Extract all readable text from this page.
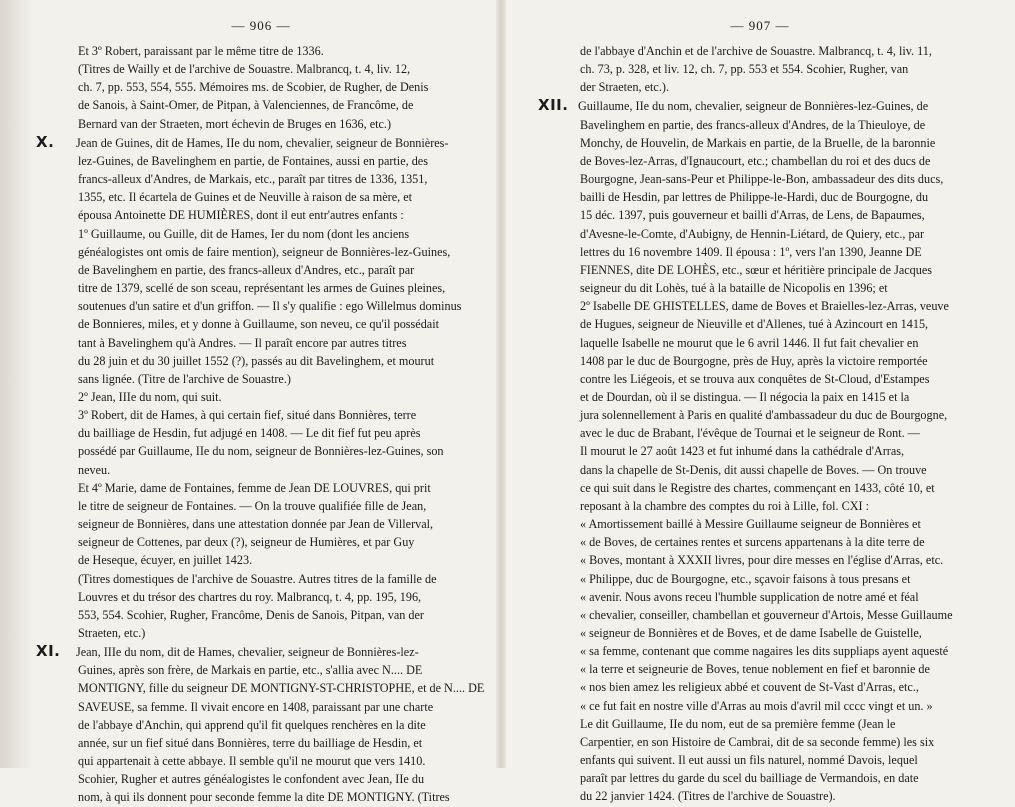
— 906 —
Et 3º Robert, paraissant par le même titre de 1336.
(Titres de Wailly et de l'archive de Souastre. Malbrancq, t. 4, liv. 12,
ch. 7, pp. 553, 554, 555. Mémoires ms. de Scobier, de Rugher, de Denis
de Sanois, à Saint-Omer, de Pitpan, à Valenciennes, de Francôme, de
Bernard van der Straeten, mort échevin de Bruges en 1636, etc.)
X. Jean de Guines, dit de Hames, IIe du nom, chevalier, seigneur de Bonnières-
lez-Guines, de Bavelinghem en partie, de Fontaines, aussi en partie, des
francs-alleux d'Andres, de Markais, etc., paraît par titres de 1336, 1351,
1355, etc. Il écartela de Guines et de Neuville à raison de sa mère, et
épousa Antoinette DE HUMIÈRES, dont il eut entr'autres enfants :
1º Guillaume, ou Guille, dit de Hames, Ier du nom (dont les anciens
généalogistes ont omis de faire mention), seigneur de Bonnières-lez-Guines,
de Bavelinghem en partie, des francs-alleux d'Andres, etc., paraît par
titre de 1379, scellé de son sceau, représentant les armes de Guines pleines,
soutenues d'un satire et d'un griffon. — Il s'y qualifie : ego Willelmus dominus
de Bonnieres, miles, et y donne à Guillaume, son neveu, ce qu'il possédait
tant à Bavelinghem qu'à Andres. — Il paraît encore par autres titres
du 28 juin et du 30 juillet 1552 (?), passés au dit Bavelinghem, et mourut
sans lignée. (Titre de l'archive de Souastre.)
2º Jean, IIIe du nom, qui suit.
3º Robert, dit de Hames, à qui certain fief, situé dans Bonnières, terre
du bailliage de Hesdin, fut adjugé en 1408. — Le dit fief fut peu après
possédé par Guillaume, IIe du nom, seigneur de Bonnières-lez-Guines, son
neveu.
Et 4º Marie, dame de Fontaines, femme de Jean DE LOUVRES, qui prit
le titre de seigneur de Fontaines. — On la trouve qualifiée fille de Jean,
seigneur de Bonnières, dans une attestation donnée par Jean de Villerval,
seigneur de Cottenes, par deux (?), seigneur de Humières, et par Guy
de Heseque, écuyer, en juillet 1423.
(Titres domestiques de l'archive de Souastre. Autres titres de la famille de
Louvres et du trésor des chartres du roy. Malbrancq, t. 4, pp. 195, 196,
553, 554. Scohier, Rugher, Francôme, Denis de Sanois, Pitpan, van der
Straeten, etc.)
XI. Jean, IIIe du nom, dit de Hames, chevalier, seigneur de Bonnières-lez-
Guines, après son frère, de Markais en partie, etc., s'allia avec N.... DE
MONTIGNY, fille du seigneur DE MONTIGNY-ST-CHRISTOPHE, et de N.... DE
SAVEUSE, sa femme. Il vivait encore en 1408, paraissant par une charte
de l'abbaye d'Anchin, qui apprend qu'il fit quelques renchères en la dite
année, sur un fief situé dans Bonnières, terre du bailliage de Hesdin, et
qui appartenait à cette abbaye. Il semble qu'il ne mourut que vers 1410.
Scohier, Rugher et autres généalogistes le confondent avec Jean, IIe du
nom, à qui ils donnent pour seconde femme la dite DE MONTIGNY. (Titres
— 907 —
de l'abbaye d'Anchin et de l'archive de Souastre. Malbrancq, t. 4, liv. 11,
ch. 73, p. 328, et liv. 12, ch. 7, pp. 553 et 554. Scohier, Rugher, van
der Straeten, etc.).
XII. Guillaume, IIe du nom, chevalier, seigneur de Bonnières-lez-Guines, de
Bavelinghem en partie, des francs-alleux d'Andres, de la Thieuloye, de
Monchy, de Houvelin, de Markais en partie, de la Bruelle, de la baronnie
de Boves-lez-Arras, d'Ignaucourt, etc.; chambellan du roi et des ducs de
Bourgogne, Jean-sans-Peur et Philippe-le-Bon, ambassadeur des dits ducs,
bailli de Hesdin, par lettres de Philippe-le-Hardi, duc de Bourgogne, du
15 déc. 1397, puis gouverneur et bailli d'Arras, de Lens, de Bapaumes,
d'Avesne-le-Comte, d'Aubigny, de Hennin-Liétard, de Quiery, etc., par
lettres du 16 novembre 1409. Il épousa : 1º, vers l'an 1390, Jeanne DE
FIENNES, dite DE LOHÈS, etc., sœur et héritière principale de Jacques
seigneur du dit Lohès, tué à la bataille de Nicopolis en 1396; et
2º Isabelle DE GHISTELLES, dame de Boves et Braielles-lez-Arras, veuve
de Hugues, seigneur de Nieuville et d'Allenes, tué à Azincourt en 1415,
laquelle Isabelle ne mourut que le 6 avril 1446. Il fut fait chevalier en
1408 par le duc de Bourgogne, près de Huy, après la victoire remportée
contre les Liégeois, et se trouva aux conquêtes de St-Cloud, d'Estampes
et de Dourdan, où il se distingua. — Il négocia la paix en 1415 et la
jura solennellement à Paris en qualité d'ambassadeur du duc de Bourgogne,
avec le duc de Brabant, l'évêque de Tournai et le seigneur de Ront. —
Il mourut le 27 août 1423 et fut inhumé dans la cathédrale d'Arras,
dans la chapelle de St-Denis, dit aussi chapelle de Boves. — On trouve
ce qui suit dans le Registre des chartes, commençant en 1433, côté 10, et
reposant à la chambre des comptes du roi à Lille, fol. CXI :
« Amortissement baillé à Messire Guillaume seigneur de Bonnières et
« de Boves, de certaines rentes et surcens appartenans à la dite terre de
« Boves, montant à XXXII livres, pour dire messes en l'église d'Arras, etc.
« Philippe, duc de Bourgogne, etc., sçavoir faisons à tous presans et
« avenir. Nous avons receu l'humble supplication de notre amé et féal
« chevalier, conseiller, chambellan et gouverneur d'Artois, Messe Guillaume
« seigneur de Bonnières et de Boves, et de dame Isabelle de Guistelle,
« sa femme, contenant que comme nagaires les dits suppliaps ayent aquesté
« la terre et seigneurie de Boves, tenue noblement en fief et baronnie de
« nos bien amez les religieux abbé et couvent de St-Vast d'Arras, etc.,
« ce fut fait en nostre ville d'Arras au mois d'avril mil cccc vingt et un. »
Le dit Guillaume, IIe du nom, eut de sa première femme (Jean le
Carpentier, en son Histoire de Cambrai, dit de sa seconde femme) les six
enfants qui suivent. Il eut aussi un fils naturel, nommé Davois, lequel
paraît par lettres du garde du scel du bailliage de Vermandois, en date
du 22 janvier 1424. (Titres de l'archive de Souastre).
